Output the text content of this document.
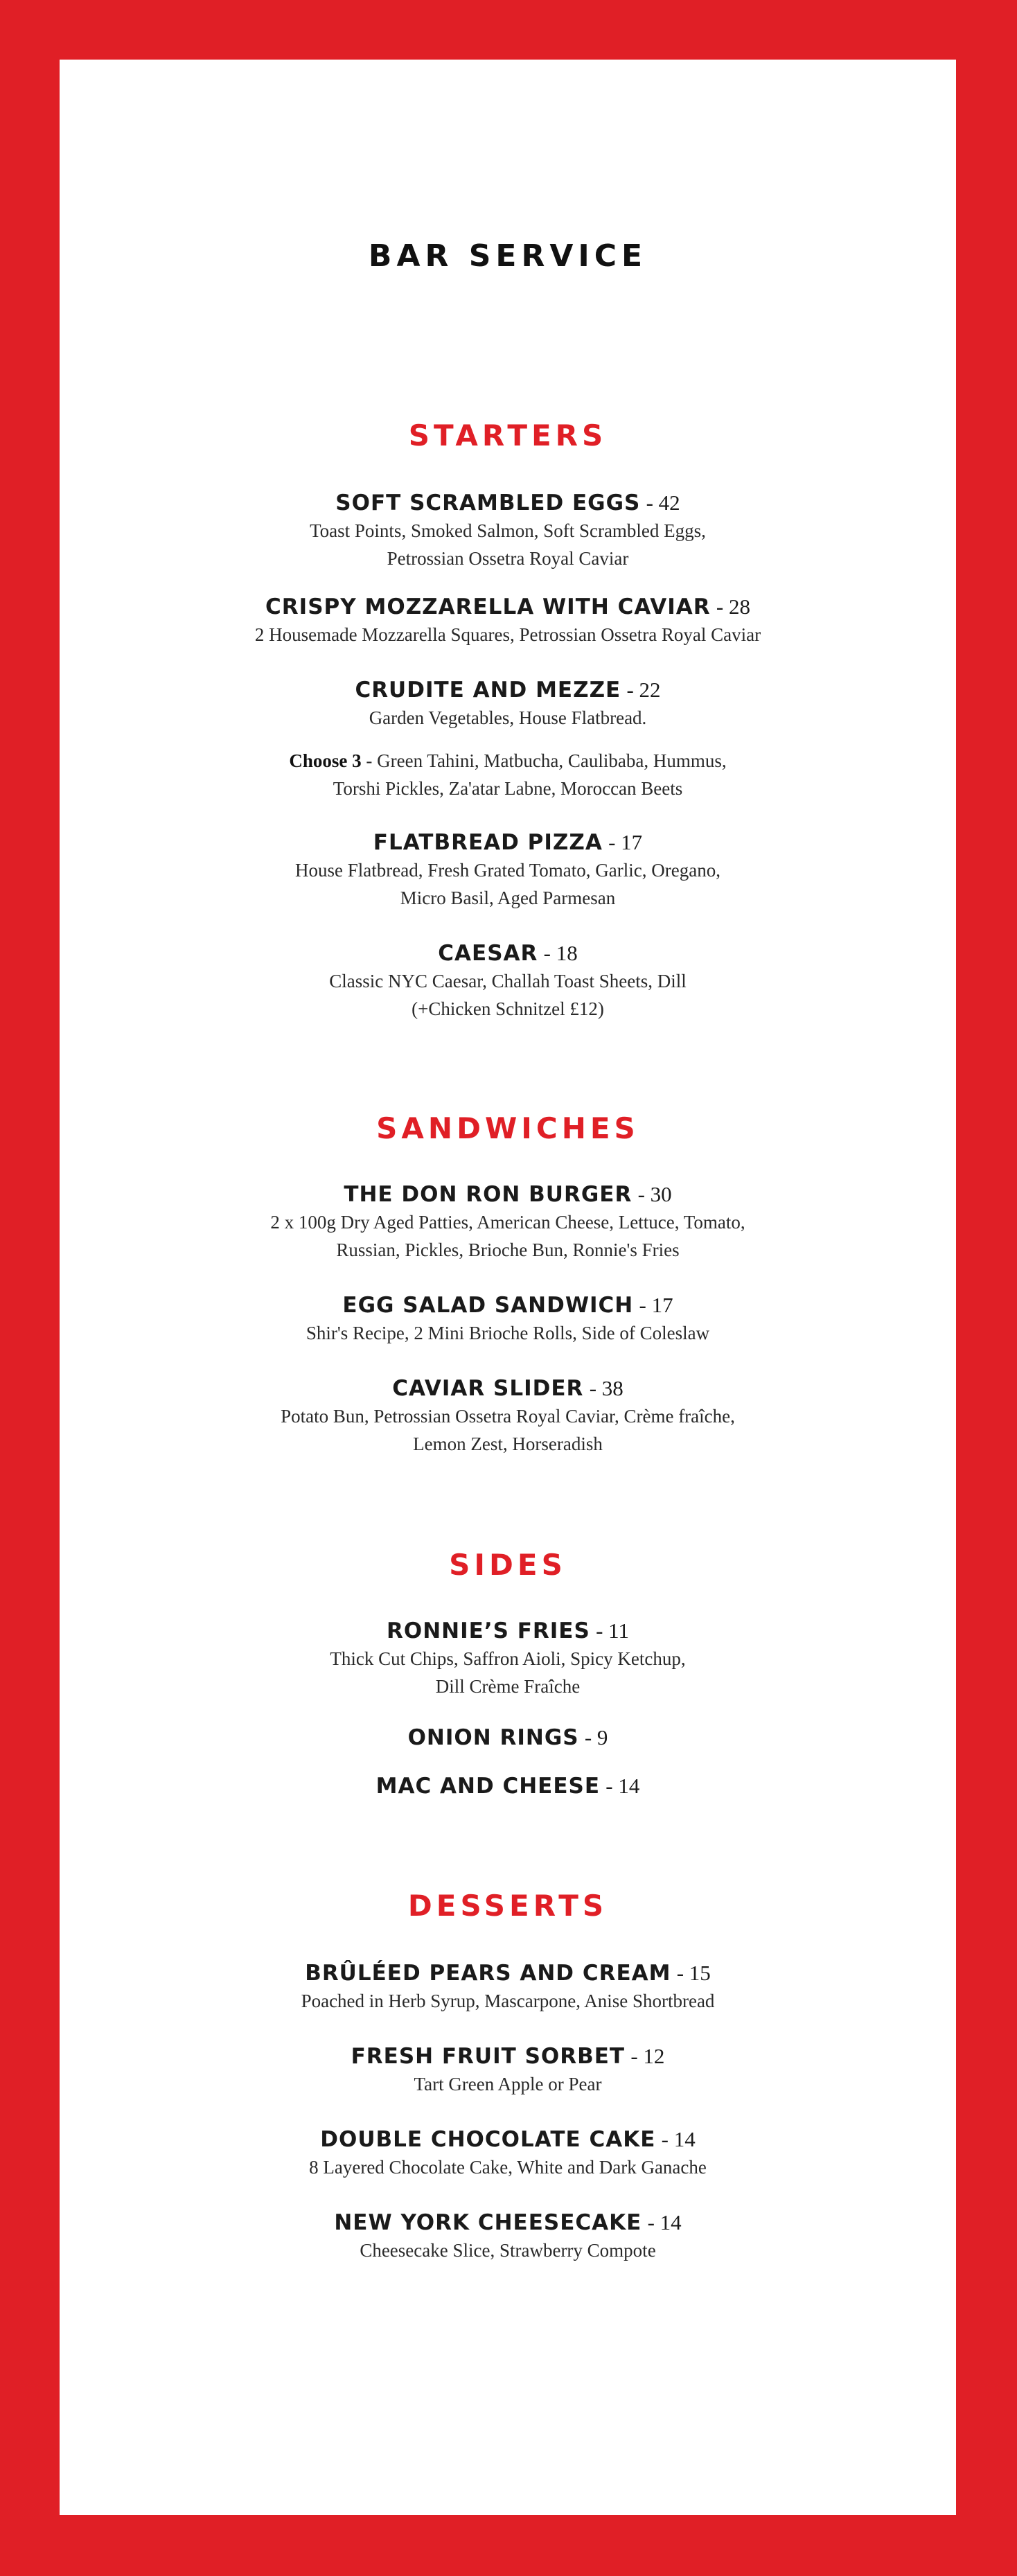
BAR SERVICE
STARTERS
SOFT SCRAMBLED EGGS - 42
Toast Points, Smoked Salmon, Soft Scrambled Eggs,
Petrossian Ossetra Royal Caviar
CRISPY MOZZARELLA WITH CAVIAR - 28
2 Housemade Mozzarella Squares, Petrossian Ossetra Royal Caviar
CRUDITE AND MEZZE - 22
Garden Vegetables, House Flatbread.
Choose 3 - Green Tahini, Matbucha, Caulibaba, Hummus,
Torshi Pickles, Za'atar Labne, Moroccan Beets
FLATBREAD PIZZA - 17
House Flatbread, Fresh Grated Tomato, Garlic, Oregano,
Micro Basil, Aged Parmesan
CAESAR - 18
Classic NYC Caesar, Challah Toast Sheets, Dill
(+Chicken Schnitzel £12)
SANDWICHES
THE DON RON BURGER - 30
2 x 100g Dry Aged Patties, American Cheese, Lettuce, Tomato,
Russian, Pickles, Brioche Bun, Ronnie's Fries
EGG SALAD SANDWICH - 17
Shir's Recipe, 2 Mini Brioche Rolls, Side of Coleslaw
CAVIAR SLIDER - 38
Potato Bun, Petrossian Ossetra Royal Caviar, Crème fraîche,
Lemon Zest, Horseradish
SIDES
RONNIE’S FRIES - 11
Thick Cut Chips, Saffron Aioli, Spicy Ketchup,
Dill Crème Fraîche
ONION RINGS - 9
MAC AND CHEESE - 14
DESSERTS
BRÛLÉED PEARS AND CREAM - 15
Poached in Herb Syrup, Mascarpone, Anise Shortbread
FRESH FRUIT SORBET - 12
Tart Green Apple or Pear
DOUBLE CHOCOLATE CAKE - 14
8 Layered Chocolate Cake, White and Dark Ganache
NEW YORK CHEESECAKE - 14
Cheesecake Slice, Strawberry Compote
